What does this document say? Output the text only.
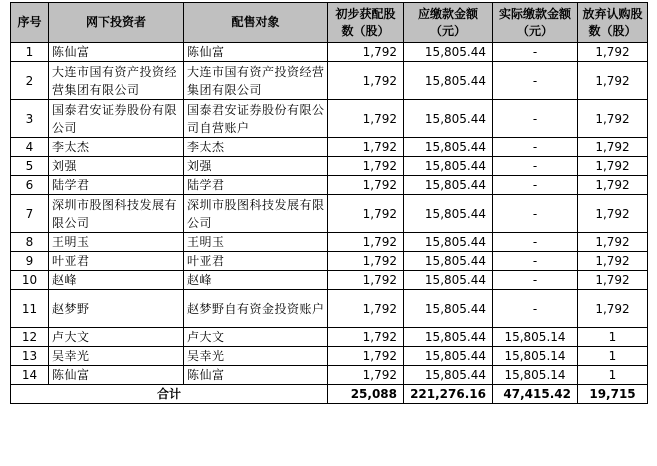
序号	网下投资者	配售对象	初步获配股数（股）	应缴款金额（元）	实际缴款金额（元）	放弃认购股数（股）
1	陈仙富	陈仙富	1,792	15,805.44	-	1,792
2	大连市国有资产投资经营集团有限公司	大连市国有资产投资经营集团有限公司	1,792	15,805.44	-	1,792
3	国泰君安证券股份有限公司	国泰君安证券股份有限公司自营账户	1,792	15,805.44	-	1,792
4	李太杰	李太杰	1,792	15,805.44	-	1,792
5	刘强	刘强	1,792	15,805.44	-	1,792
6	陆学君	陆学君	1,792	15,805.44	-	1,792
7	深圳市股图科技发展有限公司	深圳市股图科技发展有限公司	1,792	15,805.44	-	1,792
8	王明玉	王明玉	1,792	15,805.44	-	1,792
9	叶亚君	叶亚君	1,792	15,805.44	-	1,792
10	赵峰	赵峰	1,792	15,805.44	-	1,792
11	赵梦野	赵梦野自有资金投资账户	1,792	15,805.44	-	1,792
12	卢大文	卢大文	1,792	15,805.44	15,805.14	1
13	吴幸光	吴幸光	1,792	15,805.44	15,805.14	1
14	陈仙富	陈仙富	1,792	15,805.44	15,805.14	1
合计			25,088	221,276.16	47,415.42	19,715
